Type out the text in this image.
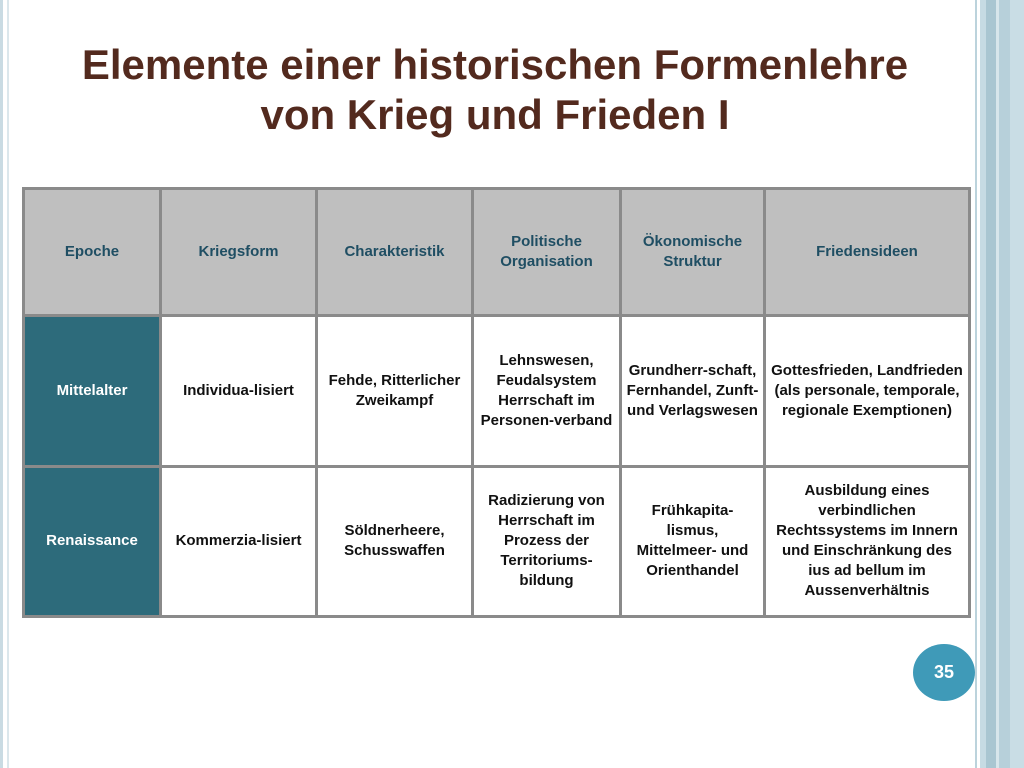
Elemente einer historischen Formenlehre
von Krieg und Frieden I
Epoche	Kriegsform	Charakteristik	Politische Organisation	Ökonomische Struktur	Friedensideen
Mittelalter	Individua-lisiert	Fehde, Ritterlicher Zweikampf	Lehnswesen, Feudalsystem Herrschaft im Personen-verband	Grundherr-schaft, Fernhandel, Zunft- und Verlagswesen	Gottesfrieden, Landfrieden (als personale, temporale, regionale Exemptionen)
Renaissance	Kommerzia-lisiert	Söldnerheere, Schusswaffen	Radizierung von Herrschaft im Prozess der Territoriums-bildung	Frühkapita-lismus, Mittelmeer- und Orienthandel	Ausbildung eines verbindlichen Rechtssystems im Innern und Einschränkung des ius ad bellum im Aussenverhältnis
35
